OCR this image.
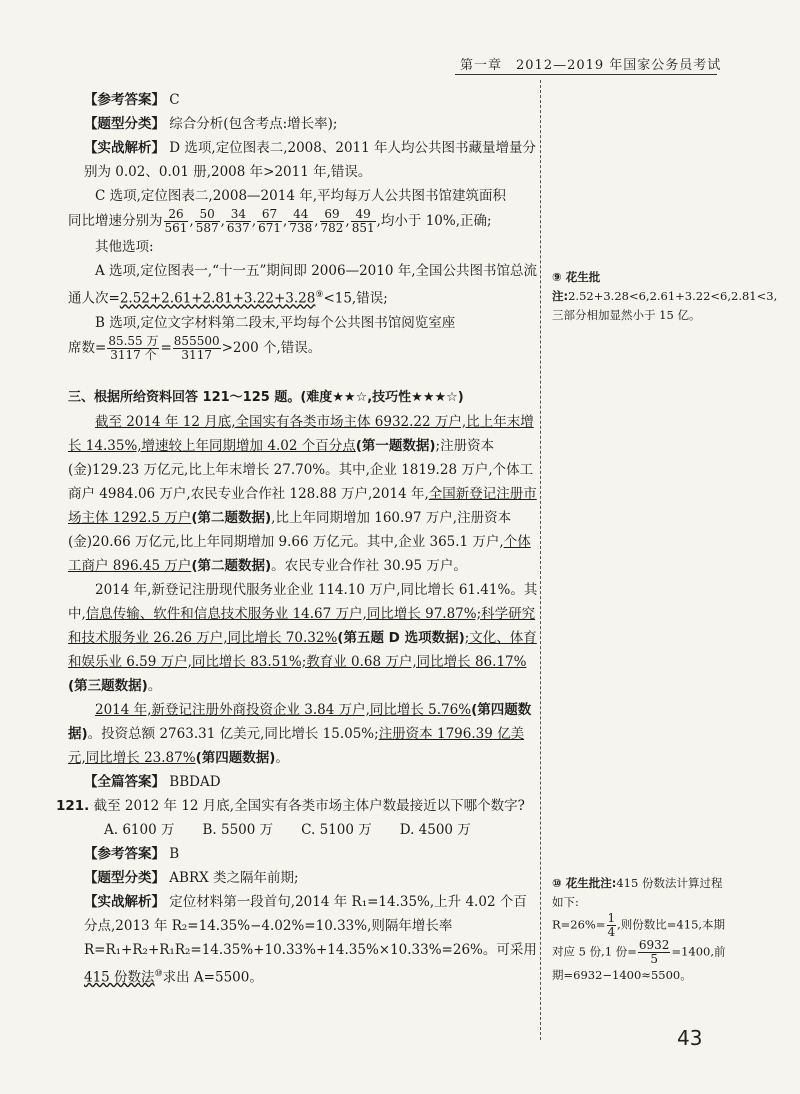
第一章　2012—2019 年国家公务员考试

【参考答案】 C

【题型分类】 综合分析(包含考点:增长率);

【实战解析】 D 选项,定位图表二,2008、2011 年人均公共图书藏量增量分别为 0.02、0.01 册,2008 年>2011 年,错误。

C 选项,定位图表二,2008—2014 年,平均每万人公共图书馆建筑面积

同比增速分别为 $\frac{26}{561}$ , $\frac{50}{587}$ , $\frac{34}{637}$ , $\frac{67}{671}$ , $\frac{44}{738}$ , $\frac{69}{782}$ , $\frac{49}{851}$ ,均小于 10%,正确;

其他选项:

A 选项,定位图表一,“十一五”期间即 2006—2010 年,全国公共图书馆总流通人次=2.52+2.61+2.81+3.22+3.28⑨<15,错误;

B 选项,定位文字材料第二段末,平均每个公共图书馆阅览室座

席数= $\frac{\text{85.55 万}}{\text{3117 个}} = \frac{855500}{3117} >200$ 个,错误。

三、根据所给资料回答 121～125 题。(难度★★☆,技巧性★★★☆)

截至 2014 年 12 月底,全国实有各类市场主体 6932.22 万户,比上年末增长 14.35%,增速较上年同期增加 4.02 个百分点(第一题数据);注册资本(金)129.23 万亿元,比上年末增长 27.70%。其中,企业 1819.28 万户,个体工商户 4984.06 万户,农民专业合作社 128.88 万户,2014 年,全国新登记注册市场主体 1292.5 万户(第二题数据),比上年同期增加 160.97 万户,注册资本(金)20.66 万亿元,比上年同期增加 9.66 万亿元。其中,企业 365.1 万户,个体工商户 896.45 万户(第二题数据)。农民专业合作社 30.95 万户。

2014 年,新登记注册现代服务业企业 114.10 万户,同比增长 61.41%。其中,信息传输、软件和信息技术服务业 14.67 万户,同比增长 97.87%;科学研究和技术服务业 26.26 万户,同比增长 70.32%(第五题 D 选项数据);文化、体育和娱乐业 6.59 万户,同比增长 83.51%;教育业 0.68 万户,同比增长 86.17%(第三题数据)。

2014 年,新登记注册外商投资企业 3.84 万户,同比增长 5.76%(第四题数据)。投资总额 2763.31 亿美元,同比增长 15.05%;注册资本 1796.39 亿美元,同比增长 23.87%(第四题数据)。

【全篇答案】 BBDAD

121. 截至 2012 年 12 月底,全国实有各类市场主体户数最接近以下哪个数字?

A. 6100 万 B. 5500 万 C. 5100 万 D. 4500 万

【参考答案】 B

【题型分类】 ABRX 类之隔年前期;

【实战解析】 定位材料第一段首句,2014 年 R₁=14.35%,上升 4.02 个百分点,2013 年 R₂=14.35%−4.02%=10.33%,则隔年增长率 R=R₁+R₂+R₁R₂=14.35%+10.33%+14.35%×10.33%=26%。可采用415 份数法⑩求出 A=5500。

⑨ 花生批注:2.52+3.28<6,2.61+3.22<6,2.81<3,三部分相加显然小于 15 亿。
⑩ 花生批注:415 份数法计算过程如下:
$R=26\%= \frac{1}{4}$ ,则份数比=415,本期对应 5 份,1 份= $\frac{6932}{5} =1400$,前期=6932−1400≈5500。
43
